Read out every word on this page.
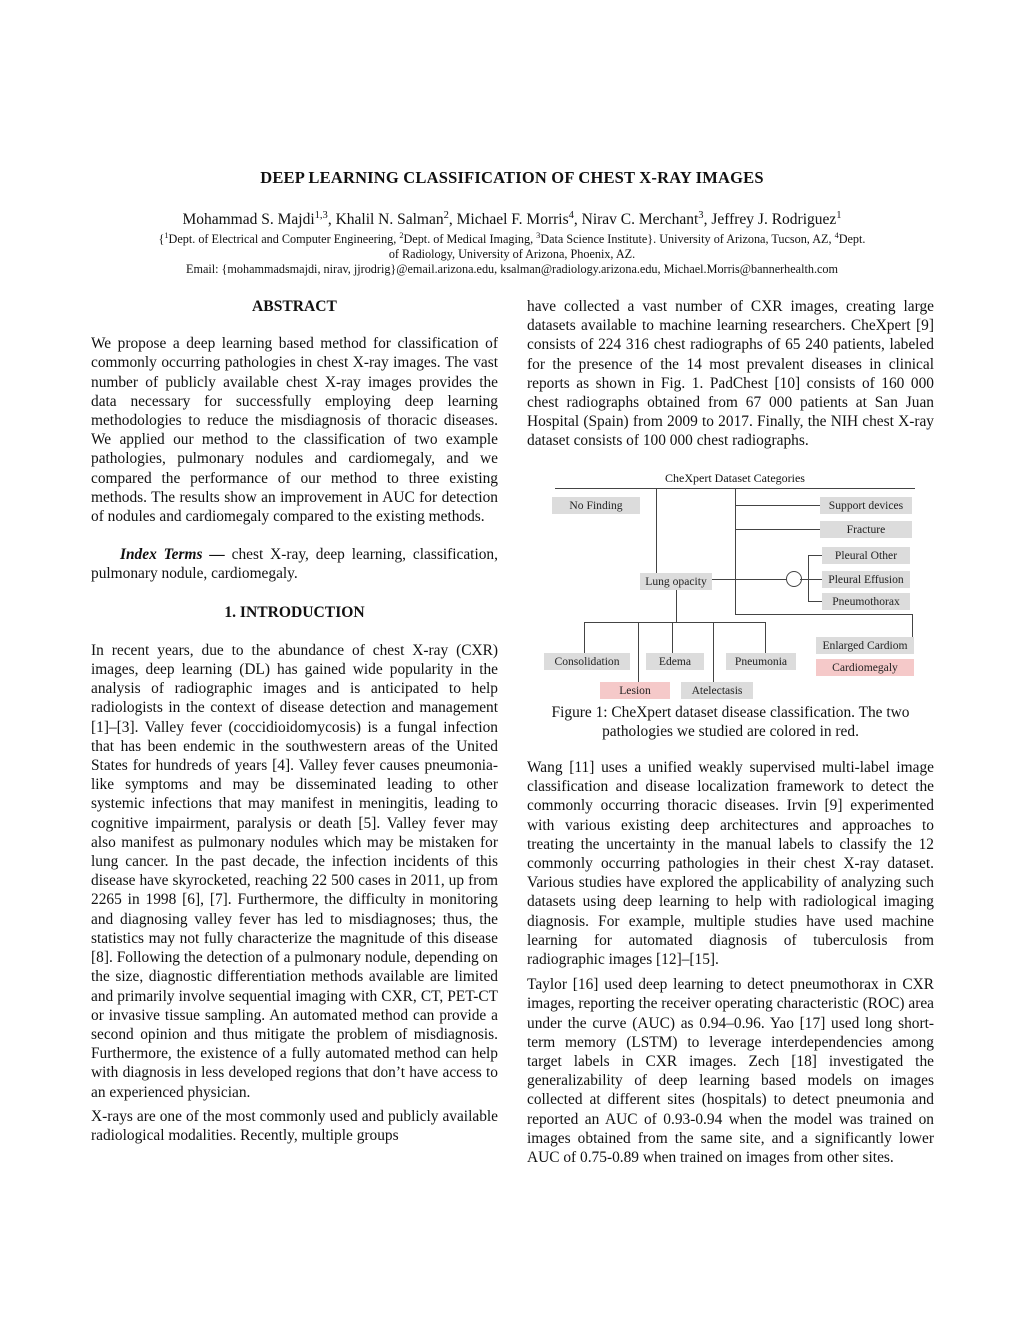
DEEP LEARNING CLASSIFICATION OF CHEST X-RAY IMAGES
Mohammad S. Majdi$^{1,3}$, Khalil N. Salman$^2$, Michael F. Morris$^4$, Nirav C. Merchant$^3$, Jeffrey J. Rodriguez$^1$
{$^1$Dept. of Electrical and Computer Engineering, $^2$Dept. of Medical Imaging, $^3$Data Science Institute}. University of Arizona, Tucson, AZ, $^4$Dept.
of Radiology, University of Arizona, Phoenix, AZ.
Email: {mohammadsmajdi, nirav, jjrodrig}@email.arizona.edu, ksalman@radiology.arizona.edu, Michael.Morris@bannerhealth.com
ABSTRACT

We propose a deep learning based method for classification of commonly occurring pathologies in chest X-ray images. The vast number of publicly available chest X-ray images provides the data necessary for successfully employing deep learning methodologies to reduce the misdiagnosis of thoracic diseases. We applied our method to the classification of two example pathologies, pulmonary nodules and cardiomegaly, and we compared the performance of our method to three existing methods. The results show an improvement in AUC for detection of nodules and cardiomegaly compared to the existing methods.

Index Terms — chest X-ray, deep learning, classification, pulmonary nodule, cardiomegaly.

1. INTRODUCTION

In recent years, due to the abundance of chest X-ray (CXR) images, deep learning (DL) has gained wide popularity in the analysis of radiographic images and is anticipated to help radiologists in the context of disease detection and management [1]–[3]. Valley fever (coccidioidomycosis) is a fungal infection that has been endemic in the southwestern areas of the United States for hundreds of years [4]. Valley fever causes pneumonia-like symptoms and may be disseminated leading to other systemic infections that may manifest in meningitis, leading to cognitive impairment, paralysis or death [5]. Valley fever may also manifest as pulmonary nodules which may be mistaken for lung cancer. In the past decade, the infection incidents of this disease have skyrocketed, reaching 22 500 cases in 2011, up from 2265 in 1998 [6], [7]. Furthermore, the difficulty in monitoring and diagnosing valley fever has led to misdiagnoses; thus, the statistics may not fully characterize the magnitude of this disease [8]. Following the detection of a pulmonary nodule, depending on the size, diagnostic differentiation methods available are limited and primarily involve sequential imaging with CXR, CT, PET-CT or invasive tissue sampling. An automated method can provide a second opinion and thus mitigate the problem of misdiagnosis. Furthermore, the existence of a fully automated method can help with diagnosis in less developed regions that don’t have access to an experienced physician.

X-rays are one of the most commonly used and publicly available radiological modalities. Recently, multiple groups

have collected a vast number of CXR images, creating large datasets available to machine learning researchers. CheXpert [9] consists of 224 316 chest radiographs of 65 240 patients, labeled for the presence of the 14 most prevalent diseases in clinical reports as shown in Fig. 1. PadChest [10] consists of 160 000 chest radiographs obtained from 67 000 patients at San Juan Hospital (Spain) from 2009 to 2017. Finally, the NIH chest X-ray dataset consists of 100 000 chest radiographs.

CheXpert Dataset Categories
No Finding	Support devices
Fracture
Pleural Other
Pleural Effusion
Pneumothorax
Lung opacity
Enlarged Cardiom
Cardiomegaly
Consolidation	Edema	Pneumonia
Lesion	Atelectasis
Figure 1: CheXpert dataset disease classification. The two pathologies we studied are colored in red.

Wang [11] uses a unified weakly supervised multi-label image classification and disease localization framework to detect the commonly occurring thoracic diseases. Irvin [9] experimented with various existing deep architectures and approaches to treating the uncertainty in the manual labels to classify the 12 commonly occurring pathologies in their chest X-ray dataset. Various studies have explored the applicability of analyzing such datasets using deep learning to help with radiological imaging diagnosis. For example, multiple studies have used machine learning for automated diagnosis of tuberculosis from radiographic images [12]–[15].

Taylor [16] used deep learning to detect pneumothorax in CXR images, reporting the receiver operating characteristic (ROC) area under the curve (AUC) as 0.94–0.96. Yao [17] used long short-term memory (LSTM) to leverage interdependencies among target labels in CXR images. Zech [18] investigated the generalizability of deep learning based models on images collected at different sites (hospitals) to detect pneumonia and reported an AUC of 0.93-0.94 when the model was trained on images obtained from the same site, and a significantly lower AUC of 0.75-0.89 when trained on images from other sites.
